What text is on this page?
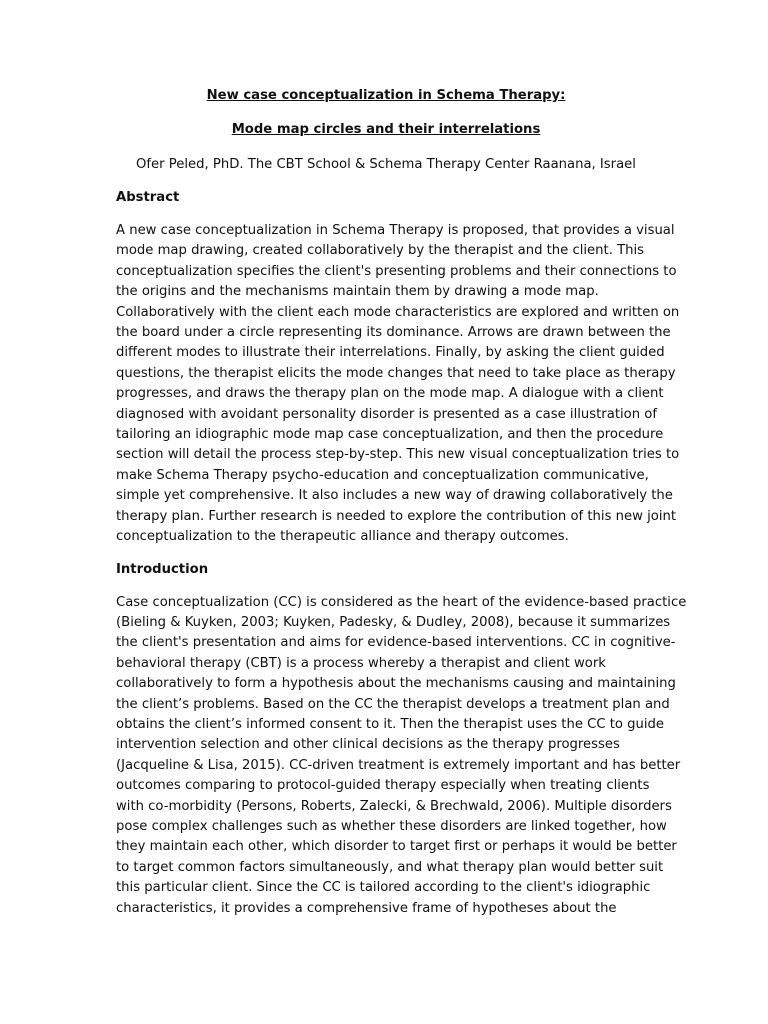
New case conceptualization in Schema Therapy:

Mode map circles and their interrelations

Ofer Peled, PhD. The CBT School & Schema Therapy Center Raanana, Israel

Abstract

A new case conceptualization in Schema Therapy is proposed, that provides a visual
mode map drawing, created collaboratively by the therapist and the client. This
conceptualization specifies the client's presenting problems and their connections to
the origins and the mechanisms maintain them by drawing a mode map.
Collaboratively with the client each mode characteristics are explored and written on
the board under a circle representing its dominance. Arrows are drawn between the
different modes to illustrate their interrelations. Finally, by asking the client guided
questions, the therapist elicits the mode changes that need to take place as therapy
progresses, and draws the therapy plan on the mode map. A dialogue with a client
diagnosed with avoidant personality disorder is presented as a case illustration of
tailoring an idiographic mode map case conceptualization, and then the procedure
section will detail the process step-by-step. This new visual conceptualization tries to
make Schema Therapy psycho-education and conceptualization communicative,
simple yet comprehensive. It also includes a new way of drawing collaboratively the
therapy plan. Further research is needed to explore the contribution of this new joint
conceptualization to the therapeutic alliance and therapy outcomes.

Introduction

Case conceptualization (CC) is considered as the heart of the evidence-based practice
(Bieling & Kuyken, 2003; Kuyken, Padesky, & Dudley, 2008), because it summarizes
the client's presentation and aims for evidence-based interventions. CC in cognitive-
behavioral therapy (CBT) is a process whereby a therapist and client work
collaboratively to form a hypothesis about the mechanisms causing and maintaining
the client’s problems. Based on the CC the therapist develops a treatment plan and
obtains the client’s informed consent to it. Then the therapist uses the CC to guide
intervention selection and other clinical decisions as the therapy progresses
(Jacqueline & Lisa, 2015). CC-driven treatment is extremely important and has better
outcomes comparing to protocol-guided therapy especially when treating clients
with co-morbidity (Persons, Roberts, Zalecki, & Brechwald, 2006). Multiple disorders
pose complex challenges such as whether these disorders are linked together, how
they maintain each other, which disorder to target first or perhaps it would be better
to target common factors simultaneously, and what therapy plan would better suit
this particular client. Since the CC is tailored according to the client's idiographic
characteristics, it provides a comprehensive frame of hypotheses about the
